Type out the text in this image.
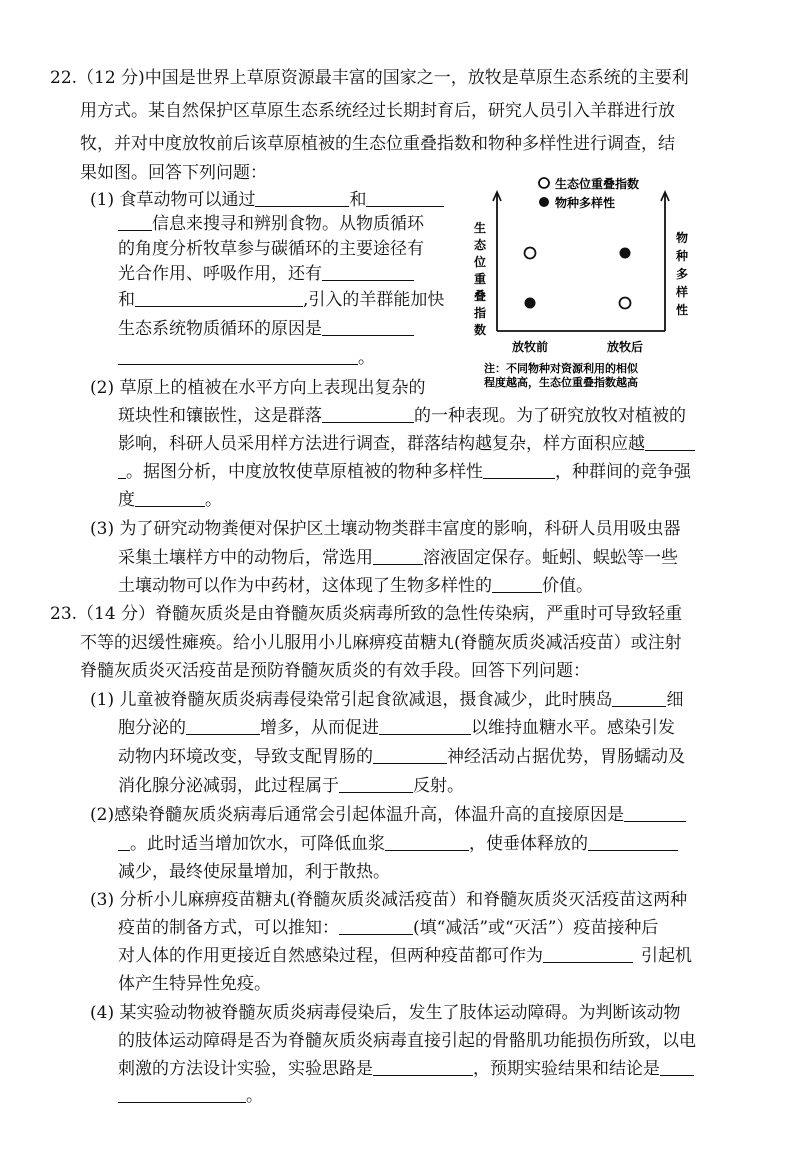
22.（12 分)中国是世界上草原资源最丰富的国家之一，放牧是草原生态系统的主要利
用方式。某自然保护区草原生态系统经过长期封育后，研究人员引入羊群进行放
牧，并对中度放牧前后该草原植被的生态位重叠指数和物种多样性进行调查，结
果如图。回答下列问题：
(1) 食草动物可以通过	和
信息来搜寻和辨别食物。从物质循环
的角度分析牧草参与碳循环的主要途径有
光合作用、呼吸作用，还有
和	,引入的羊群能加快
生态系统物质循环的原因是
。
(2) 草原上的植被在水平方向上表现出复杂的
斑块性和镶嵌性，这是群落	的一种表现。为了研究放牧对植被的
影响，科研人员采用样方法进行调查，群落结构越复杂，样方面积应越
。据图分析，中度放牧使草原植被的物种多样性	，种群间的竞争强
度	。
(3) 为了研究动物粪便对保护区土壤动物类群丰富度的影响，科研人员用吸虫器
采集土壤样方中的动物后，常选用	溶液固定保存。蚯蚓、蜈蚣等一些
土壤动物可以作为中药材，这体现了生物多样性的	价值。
生态位重叠指数
物种多样性
生态位重叠指数
物种多样性
放牧前	放牧后
注：不同物种对资源利用的相似
程度越高，生态位重叠指数越高
23.（14 分）脊髓灰质炎是由脊髓灰质炎病毒所致的急性传染病，严重时可导致轻重
不等的迟缓性瘫痪。给小儿服用小儿麻痹疫苗糖丸(脊髓灰质炎减活疫苗）或注射
脊髓灰质炎灭活疫苗是预防脊髓灰质炎的有效手段。回答下列问题：
(1) 儿童被脊髓灰质炎病毒侵染常引起食欲减退，摄食减少，此时胰岛	细
胞分泌的	增多，从而促进	以维持血糖水平。感染引发
动物内环境改变，导致支配胃肠的	神经活动占据优势，胃肠蠕动及
消化腺分泌减弱，此过程属于	反射。
(2)感染脊髓灰质炎病毒后通常会引起体温升高，体温升高的直接原因是
。此时适当增加饮水，可降低血浆	，使垂体释放的
减少，最终使尿量增加，利于散热。
(3) 分析小儿麻痹疫苗糖丸(脊髓灰质炎减活疫苗）和脊髓灰质炎灭活疫苗这两种
疫苗的制备方式，可以推知：	(填“减活”或“灭活”）疫苗接种后
对人体的作用更接近自然感染过程，但两种疫苗都可作为	引起机
体产生特异性免疫。
(4) 某实验动物被脊髓灰质炎病毒侵染后，发生了肢体运动障碍。为判断该动物
的肢体运动障碍是否为脊髓灰质炎病毒直接引起的骨骼肌功能损伤所致，以电
刺激的方法设计实验，实验思路是	，预期实验结果和结论是
。
